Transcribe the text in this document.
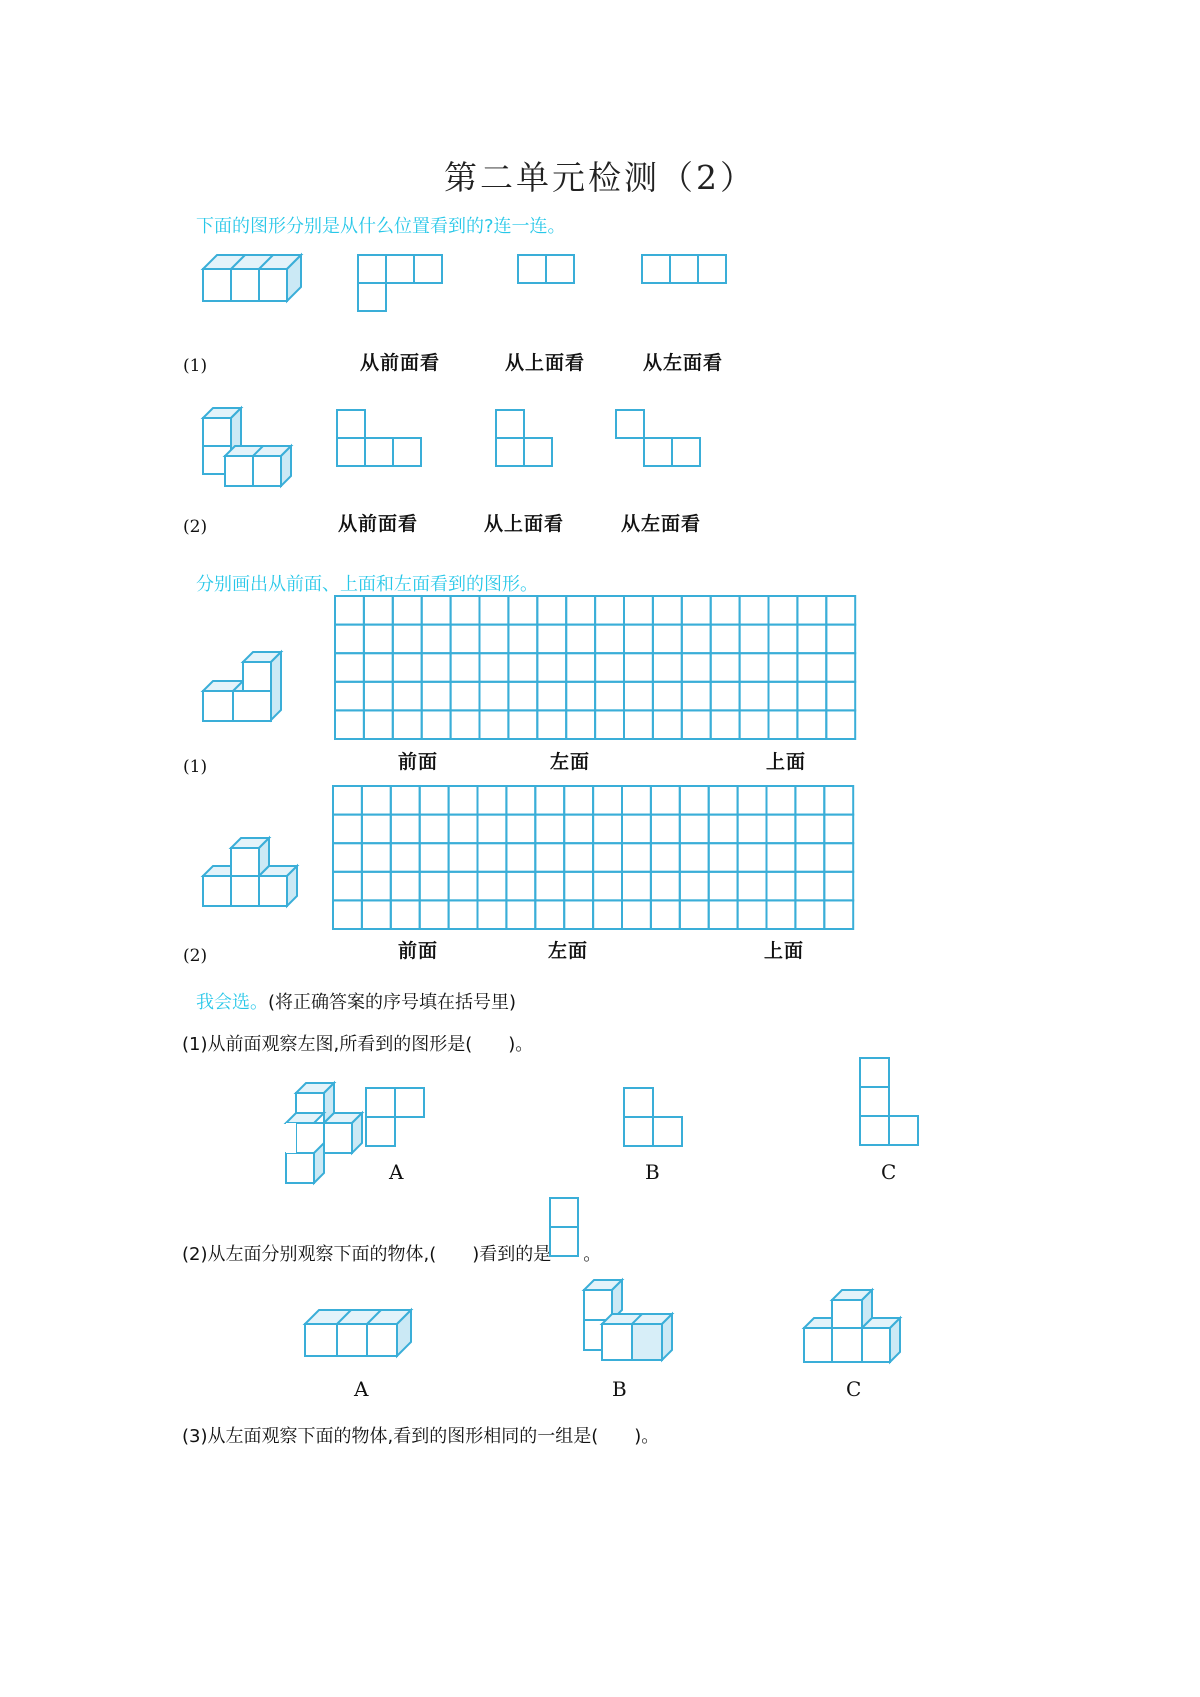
第二单元检测（2）
下面的图形分别是从什么位置看到的?连一连。
从前面看	从上面看	从左面看
(1)
从前面看	从上面看	从左面看
(2)
分别画出从前面、上面和左面看到的图形。
前面	左面	上面
(1)
前面	左面	上面
(2)
我会选。(将正确答案的序号填在括号里)
(1)从前面观察左图,所看到的图形是(　　)。
A	B	C
(2)从左面分别观察下面的物体,(　　)看到的是 。
A	B	C
(3)从左面观察下面的物体,看到的图形相同的一组是(　　)。
